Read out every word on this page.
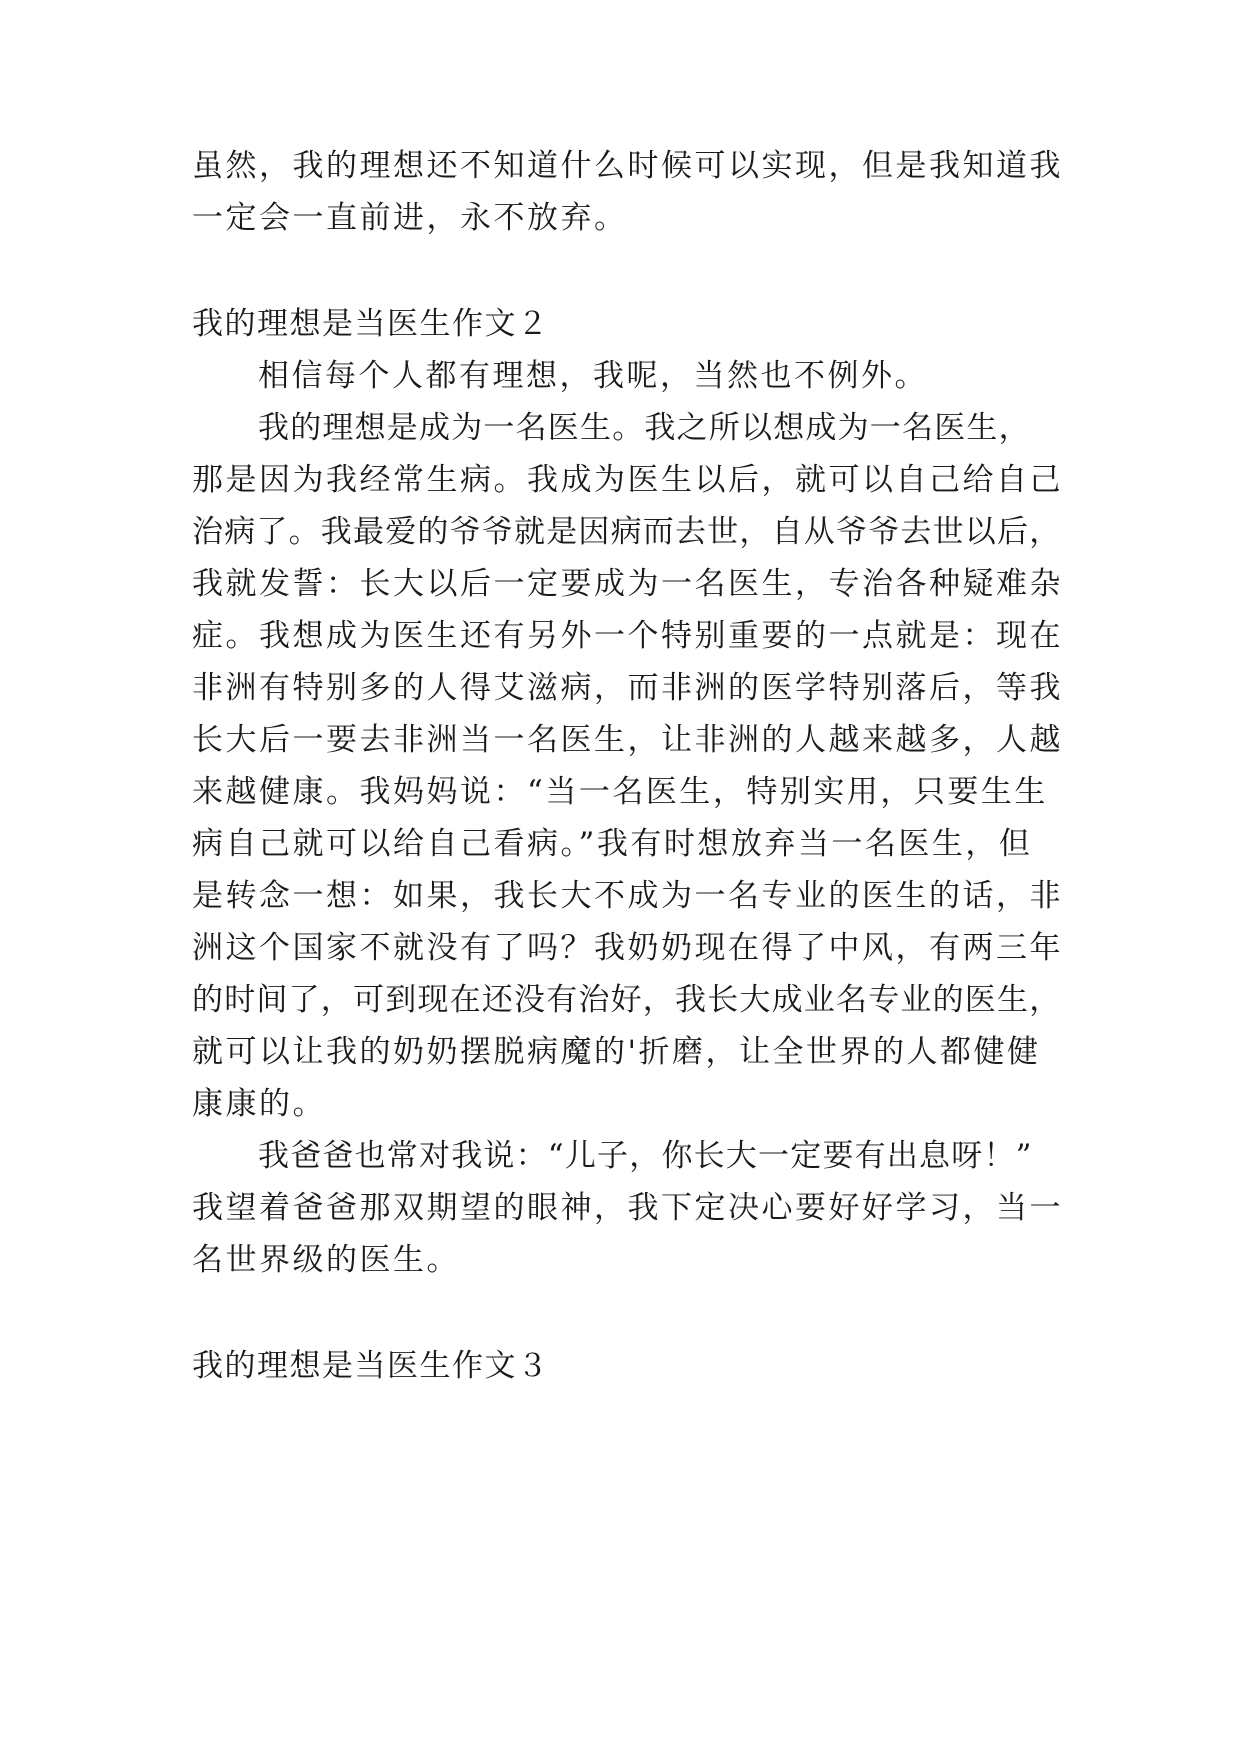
虽然，我的理想还不知道什么时候可以实现，但是我知道我
一定会一直前进，永不放弃。
我的理想是当医生作文２
相信每个人都有理想，我呢，当然也不例外。
我的理想是成为一名医生。我之所以想成为一名医生，
那是因为我经常生病。我成为医生以后，就可以自己给自己
治病了。我最爱的爷爷就是因病而去世，自从爷爷去世以后，
我就发誓：长大以后一定要成为一名医生，专治各种疑难杂
症。我想成为医生还有另外一个特别重要的一点就是：现在
非洲有特别多的人得艾滋病，而非洲的医学特别落后，等我
长大后一要去非洲当一名医生，让非洲的人越来越多，人越
来越健康。我妈妈说：“当一名医生，特别实用，只要生生
病自己就可以给自己看病。”我有时想放弃当一名医生，但
是转念一想：如果，我长大不成为一名专业的医生的话，非
洲这个国家不就没有了吗？我奶奶现在得了中风，有两三年
的时间了，可到现在还没有治好，我长大成业名专业的医生，
就可以让我的奶奶摆脱病魔的'折磨，让全世界的人都健健
康康的。
我爸爸也常对我说：“儿子，你长大一定要有出息呀！”
我望着爸爸那双期望的眼神，我下定决心要好好学习，当一
名世界级的医生。
我的理想是当医生作文３
